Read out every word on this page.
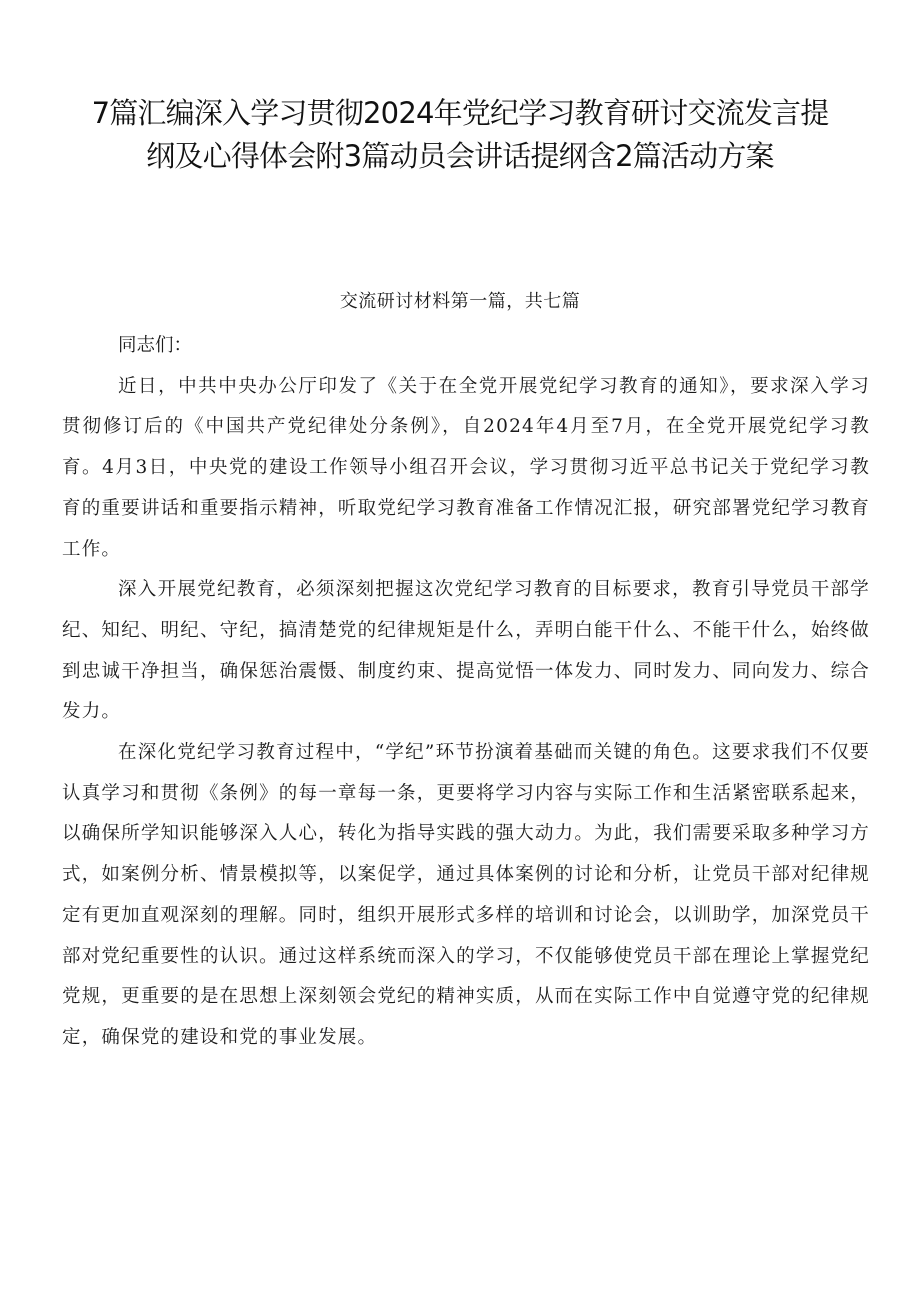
7篇汇编深入学习贯彻2024年党纪学习教育研讨交流发言提纲及心得体会附3篇动员会讲话提纲含2篇活动方案
交流研讨材料第一篇，共七篇

同志们：

近日，中共中央办公厅印发了《关于在全党开展党纪学习教育的通知》，要求深入学习贯彻修订后的《中国共产党纪律处分条例》，自2024年4月至7月，在全党开展党纪学习教育。4月3日，中央党的建设工作领导小组召开会议，学习贯彻习近平总书记关于党纪学习教育的重要讲话和重要指示精神，听取党纪学习教育准备工作情况汇报，研究部署党纪学习教育工作。

深入开展党纪教育，必须深刻把握这次党纪学习教育的目标要求，教育引导党员干部学纪、知纪、明纪、守纪，搞清楚党的纪律规矩是什么，弄明白能干什么、不能干什么，始终做到忠诚干净担当，确保惩治震慑、制度约束、提高觉悟一体发力、同时发力、同向发力、综合发力。

在深化党纪学习教育过程中，“学纪”环节扮演着基础而关键的角色。这要求我们不仅要认真学习和贯彻《条例》的每一章每一条，更要将学习内容与实际工作和生活紧密联系起来，以确保所学知识能够深入人心，转化为指导实践的强大动力。为此，我们需要采取多种学习方式，如案例分析、情景模拟等，以案促学，通过具体案例的讨论和分析，让党员干部对纪律规定有更加直观深刻的理解。同时，组织开展形式多样的培训和讨论会，以训助学，加深党员干部对党纪重要性的认识。通过这样系统而深入的学习，不仅能够使党员干部在理论上掌握党纪党规，更重要的是在思想上深刻领会党纪的精神实质，从而在实际工作中自觉遵守党的纪律规定，确保党的建设和党的事业发展。
